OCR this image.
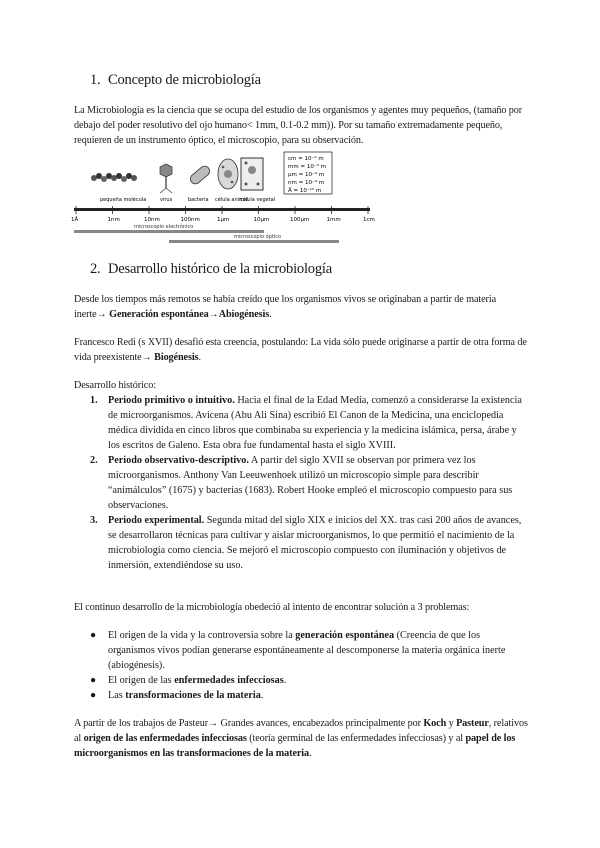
1. Concepto de microbiología

La Microbiología es la ciencia que se ocupa del estudio de los organismos y agentes muy pequeños, (tamaño por debajo del poder resolutivo del ojo humano< 1mm, 0.1-0.2 mm)). Por su tamaño extremadamente pequeño, requieren de un instrumento óptico, el microscopio, para su observación.

cm = 10⁻² m
mm = 10⁻³ m
µm = 10⁻⁶ m
nm = 10⁻⁹ m
Å = 10⁻¹⁰ m
pequeña molécula	virus	bacteria célula animal
célula vegetal
1Å	1nm	10nm	100nm	1µm	10µm	100µm	1mm	1cm
microscopio electrónico
microscopio óptico
2. Desarrollo histórico de la microbiología

Desde los tiempos más remotos se había creído que los organismos vivos se originaban a partir de materia inerte→ Generación espontánea→Abiogénesis.

Francesco Redi (s XVII) desafió esta creencia, postulando: La vida sólo puede originarse a partir de otra forma de vida preexistente→ Biogénesis.

Desarrollo histórico:

1. Periodo primitivo o intuitivo. Hacia el final de la Edad Media, comenzó a considerarse la existencia de microorganismos. Avicena (Abu Ali Sina) escribió El Canon de la Medicina, una enciclopedia médica dividida en cinco libros que combinaba su experiencia y la medicina islámica, persa, árabe y los escritos de Galeno. Esta obra fue fundamental hasta el siglo XVIII.
2. Periodo observativo-descriptivo. A partir del siglo XVII se observan por primera vez los microorganismos. Anthony Van Leeuwenhoek utilizó un microscopio simple para describir “animálculos” (1675) y bacterias (1683). Robert Hooke empleó el microscopio compuesto para sus observaciones.
3. Periodo experimental. Segunda mitad del siglo XIX e inicios del XX. tras casi 200 años de avances, se desarrollaron técnicas para cultivar y aislar microorganismos, lo que permitió el nacimiento de la microbiología como ciencia. Se mejoró el microscopio compuesto con iluminación y objetivos de inmersión, extendiéndose su uso.

El continuo desarrollo de la microbiología obedeció al intento de encontrar solución a 3 problemas:

● El origen de la vida y la controversia sobre la generación espontánea (Creencia de que los organismos vivos podían generarse espontáneamente al descomponerse la materia orgánica inerte (abiogénesis).
● El origen de las enfermedades infecciosas.
● Las transformaciones de la materia.

A partir de los trabajos de Pasteur→ Grandes avances, encabezados principalmente por Koch y Pasteur, relativos al origen de las enfermedades infecciosas (teoría germinal de las enfermedades infecciosas) y al papel de los microorganismos en las transformaciones de la materia.
